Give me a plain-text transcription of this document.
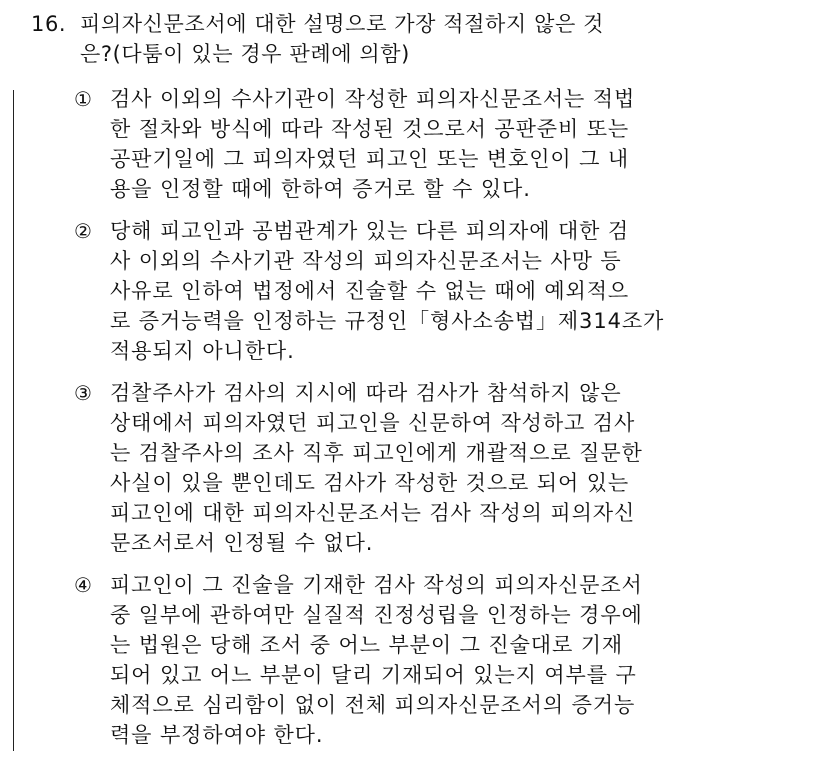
16. 피의자신문조서에 대한 설명으로 가장 적절하지 않은 것
은?(다툼이 있는 경우 판례에 의함)
① 검사 이외의 수사기관이 작성한 피의자신문조서는 적법
한 절차와 방식에 따라 작성된 것으로서 공판준비 또는
공판기일에 그 피의자였던 피고인 또는 변호인이 그 내
용을 인정할 때에 한하여 증거로 할 수 있다.
② 당해 피고인과 공범관계가 있는 다른 피의자에 대한 검
사 이외의 수사기관 작성의 피의자신문조서는 사망 등
사유로 인하여 법정에서 진술할 수 없는 때에 예외적으
로 증거능력을 인정하는 규정인「형사소송법」제314조가
적용되지 아니한다.
③ 검찰주사가 검사의 지시에 따라 검사가 참석하지 않은
상태에서 피의자였던 피고인을 신문하여 작성하고 검사
는 검찰주사의 조사 직후 피고인에게 개괄적으로 질문한
사실이 있을 뿐인데도 검사가 작성한 것으로 되어 있는
피고인에 대한 피의자신문조서는 검사 작성의 피의자신
문조서로서 인정될 수 없다.
④ 피고인이 그 진술을 기재한 검사 작성의 피의자신문조서
중 일부에 관하여만 실질적 진정성립을 인정하는 경우에
는 법원은 당해 조서 중 어느 부분이 그 진술대로 기재
되어 있고 어느 부분이 달리 기재되어 있는지 여부를 구
체적으로 심리함이 없이 전체 피의자신문조서의 증거능
력을 부정하여야 한다.
